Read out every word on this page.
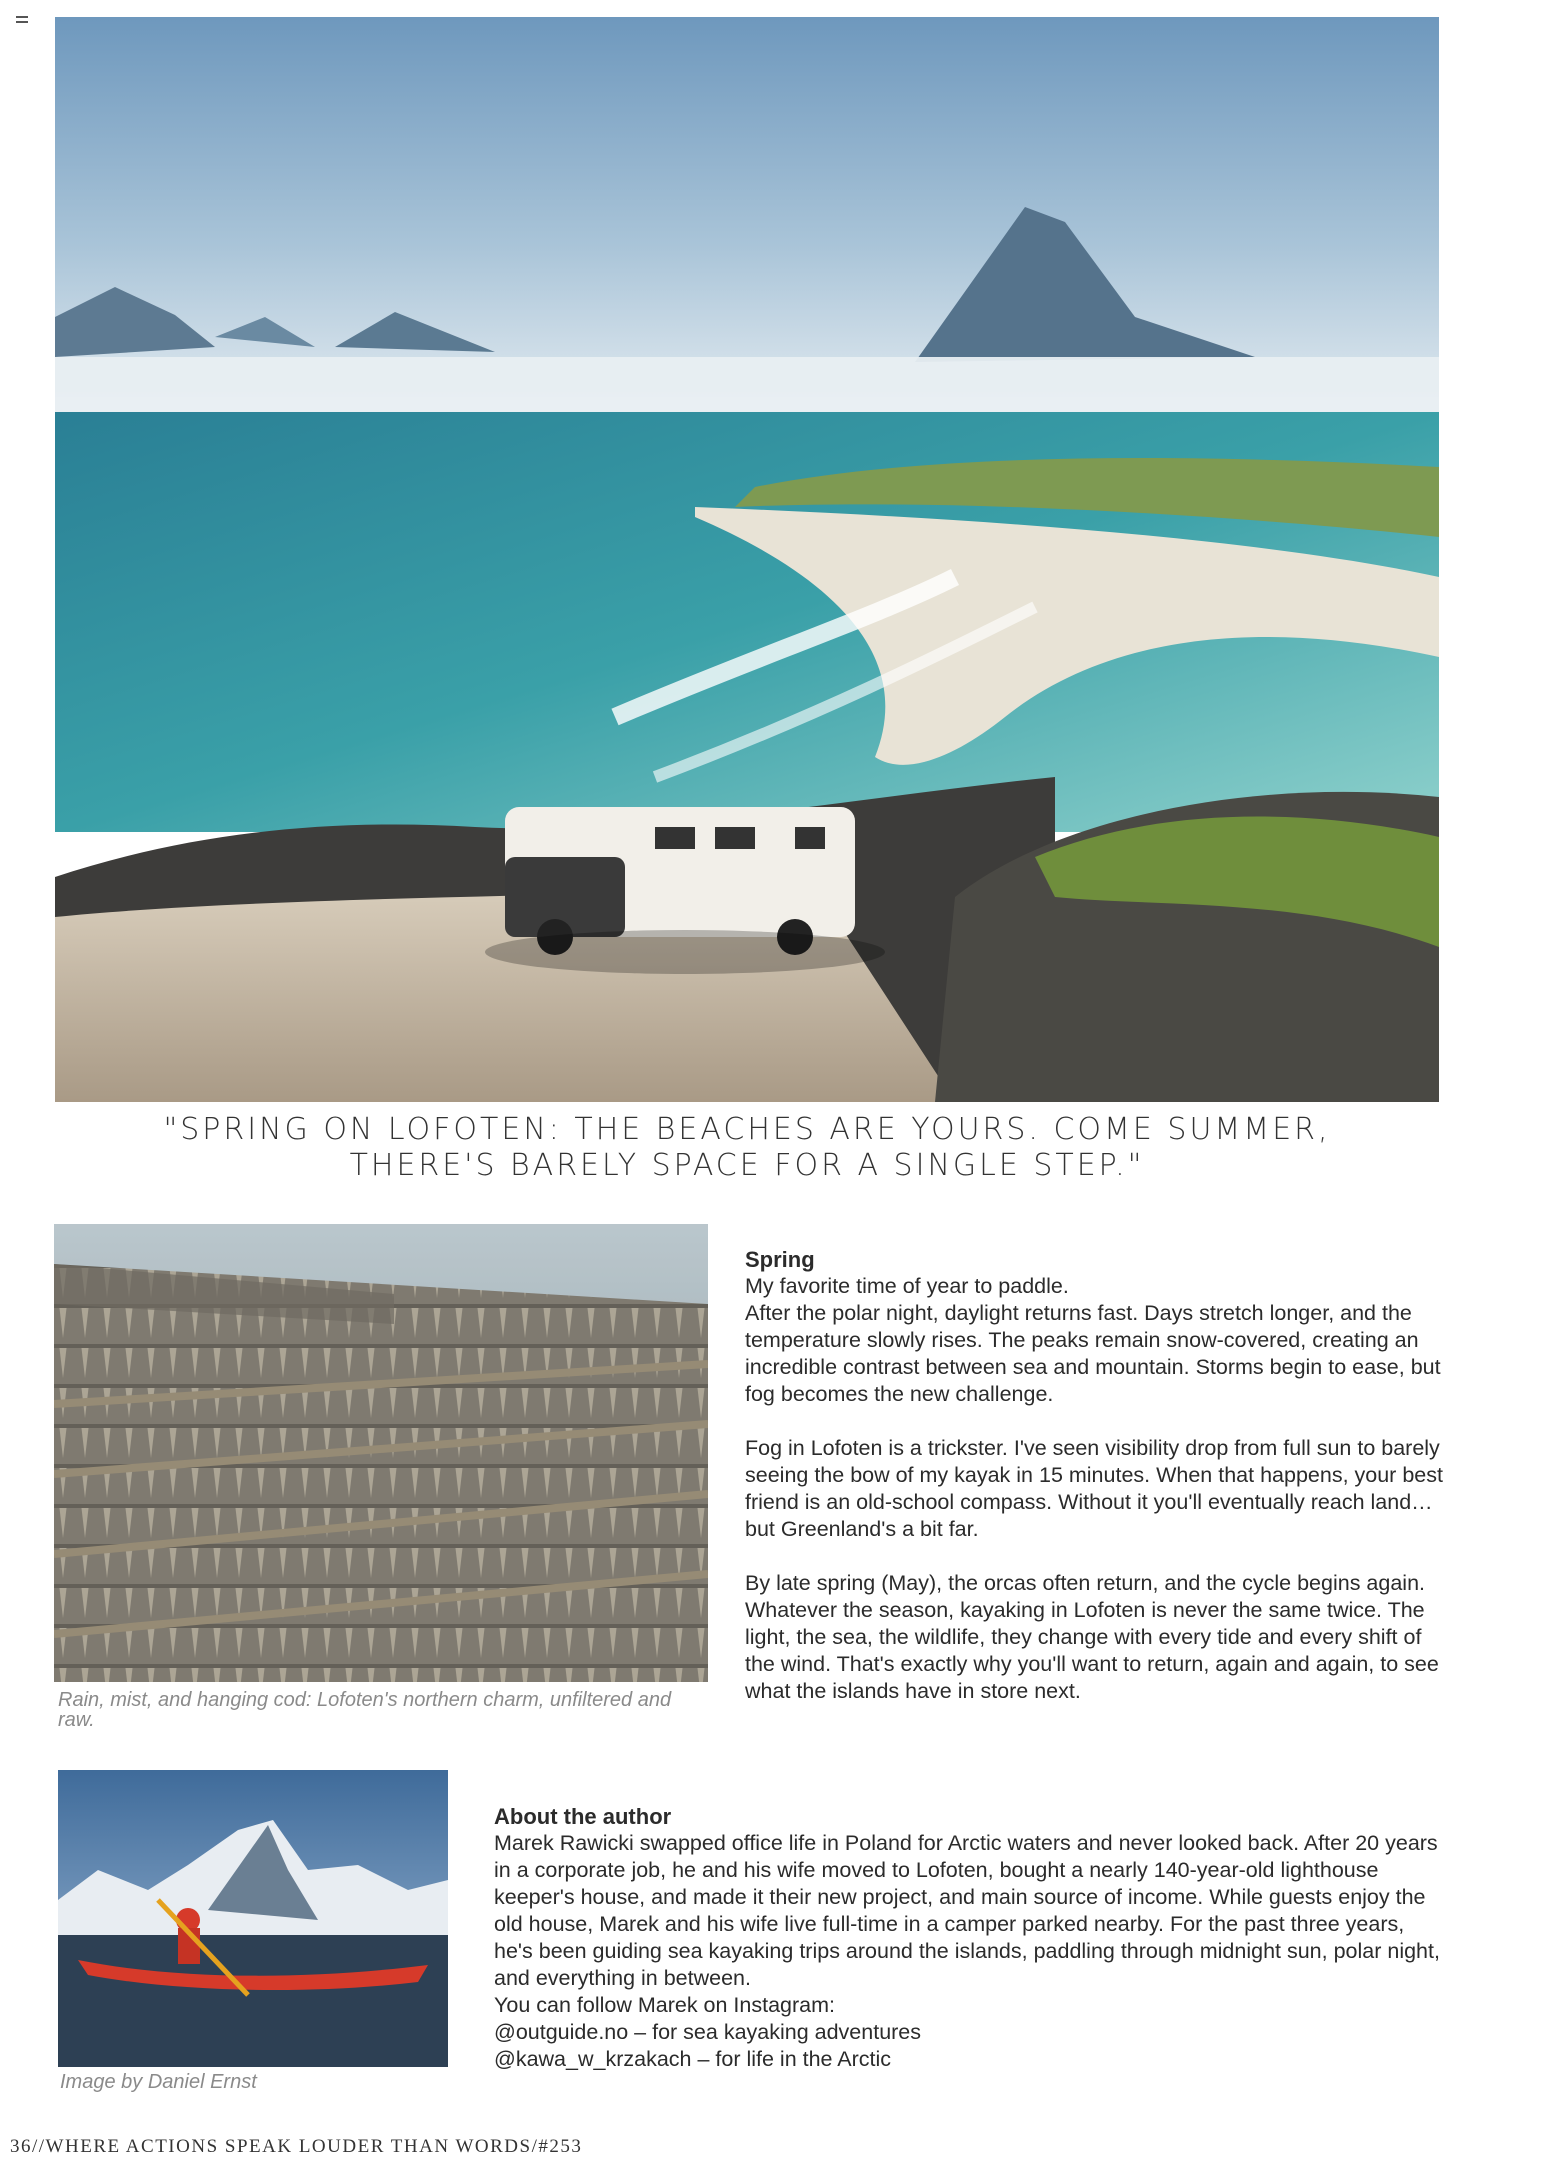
"SPRING ON LOFOTEN: THE BEACHES ARE YOURS. COME SUMMER,
THERE'S BARELY SPACE FOR A SINGLE STEP."
Rain, mist, and hanging cod: Lofoten's northern charm, unfiltered and raw.
Spring

My favorite time of year to paddle.

After the polar night, daylight returns fast. Days stretch longer, and the temperature slowly rises. The peaks remain snow-covered, creating an incredible contrast between sea and mountain. Storms begin to ease, but fog becomes the new challenge.

Fog in Lofoten is a trickster. I've seen visibility drop from full sun to barely seeing the bow of my kayak in 15 minutes. When that happens, your best friend is an old-school compass. Without it you'll eventually reach land… but Greenland's a bit far.

By late spring (May), the orcas often return, and the cycle begins again. Whatever the season, kayaking in Lofoten is never the same twice. The light, the sea, the wildlife, they change with every tide and every shift of the wind. That's exactly why you'll want to return, again and again, to see what the islands have in store next.

Image by Daniel Ernst
About the author

Marek Rawicki swapped office life in Poland for Arctic waters and never looked back. After 20 years in a corporate job, he and his wife moved to Lofoten, bought a nearly 140-year-old lighthouse keeper's house, and made it their new project, and main source of income. While guests enjoy the old house, Marek and his wife live full-time in a camper parked nearby. For the past three years, he's been guiding sea kayaking trips around the islands, paddling through midnight sun, polar night, and everything in between.

You can follow Marek on Instagram:

@outguide.no – for sea kayaking adventures

@kawa_w_krzakach – for life in the Arctic

36//WHERE ACTIONS SPEAK LOUDER THAN WORDS/#253
